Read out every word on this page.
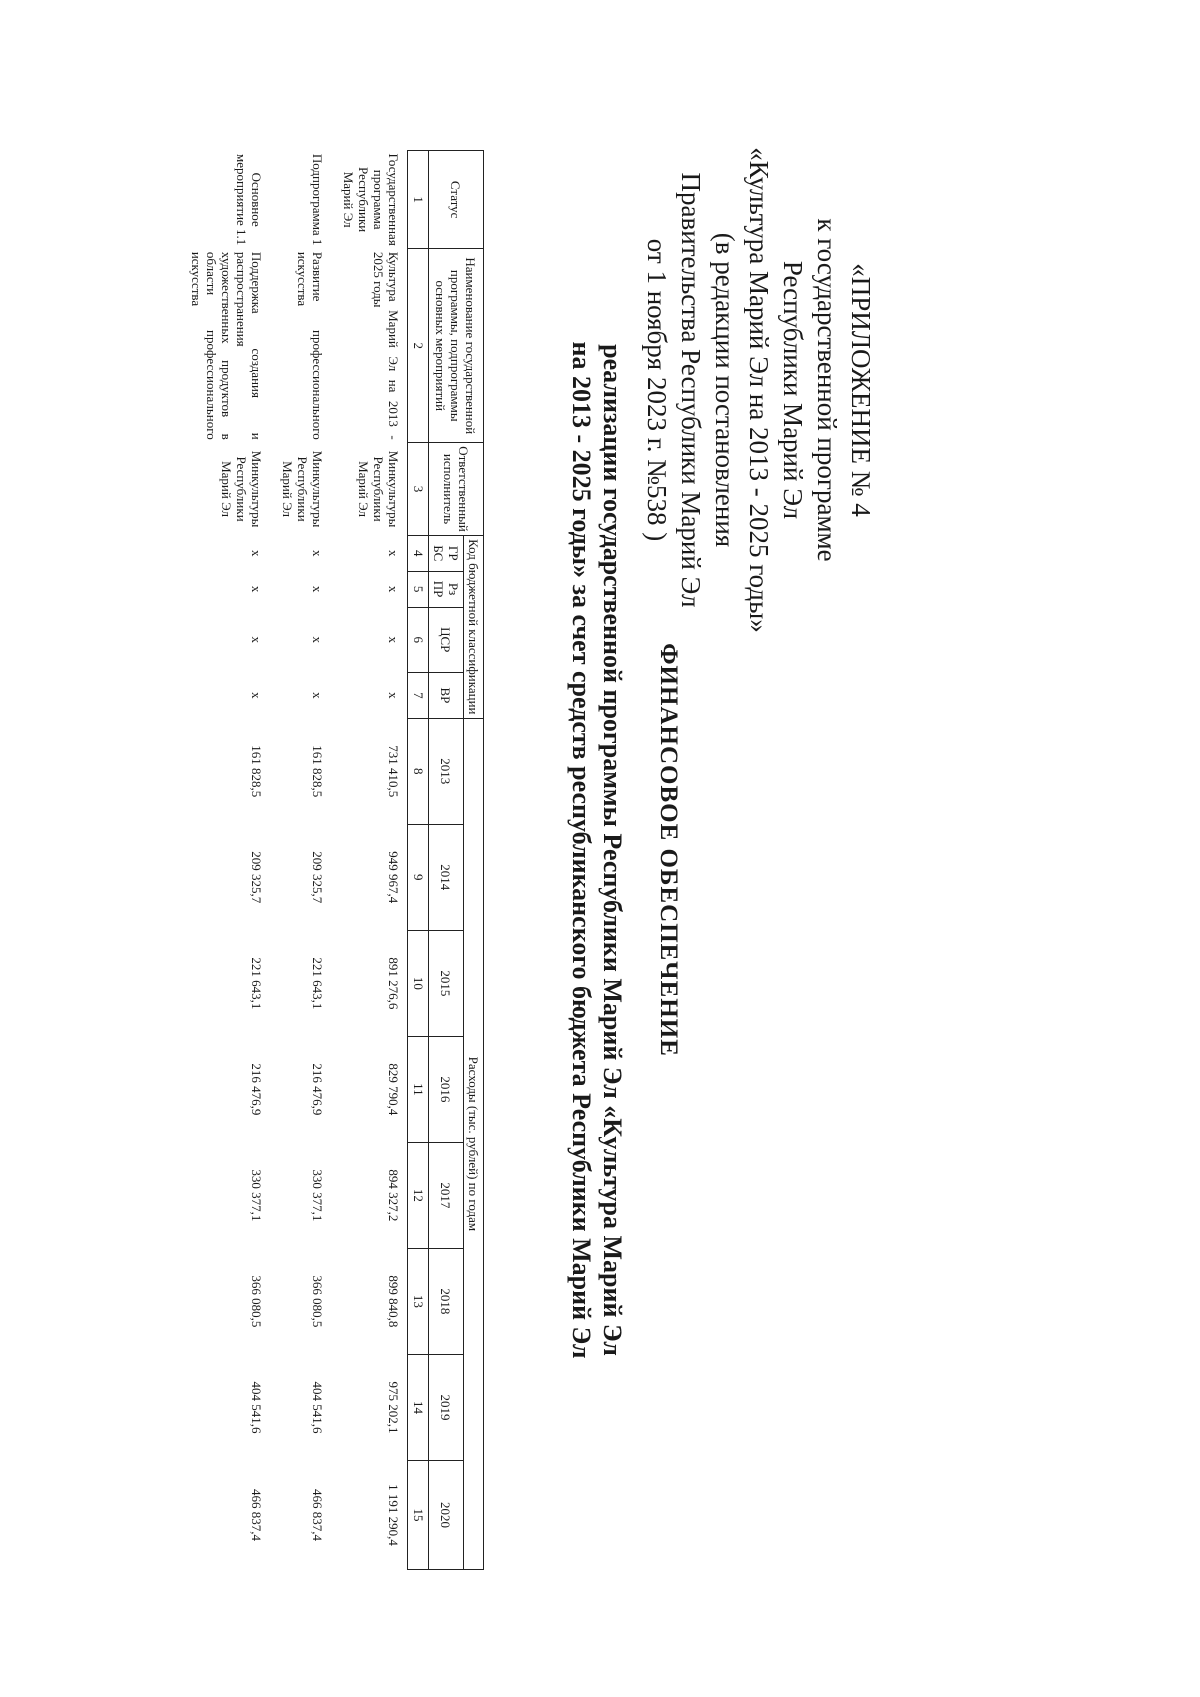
«ПРИЛОЖЕНИЕ № 4
к государственной программе
Республики Марий Эл
«Культура Марий Эл на 2013 - 2025 годы»
(в редакции постановления
Правительства Республики Марий Эл
от 1 ноября 2023 г. №538 )
ФИНАНСОВОЕ ОБЕСПЕЧЕНИЕ
реализации государственной программы Республики Марий Эл «Культура Марий Эл
на 2013 - 2025 годы» за счет средств республиканского бюджета Республики Марий Эл
Статус	Наименование государственной программы, подпрограммы основных мероприятий	Ответственный исполнитель	Код бюджетной классификации				Расходы (тыс. рублей) по годам							
			ГР БС	Рз ПР	ЦСР	ВР	2013	2014	2015	2016	2017	2018	2019	2020
1	2	3	4	5	6	7	8	9	10	11	12	13	14	15
Государственная программа Республики Марий Эл	Культура Марий Эл на 2013 - 2025 годы	Минкультуры Республики Марий Эл	х	х	х	х	731 410,5	949 967,4	891 276,6	829 790,4	894 327,2	899 840,8	975 202,1	1 191 290,4
Подпрограмма 1	Развитие профессионального искусства	Минкультуры Республики Марий Эл	х	х	х	х	161 828,5	209 325,7	221 643,1	216 476,9	330 377,1	366 080,5	404 541,6	466 837,4
Основное мероприятие 1.1	Поддержка создания и распространения художественных продуктов в области профессионального искусства	Минкультуры Республики Марий Эл	х	х	х	х	161 828,5	209 325,7	221 643,1	216 476,9	330 377,1	366 080,5	404 541,6	466 837,4
